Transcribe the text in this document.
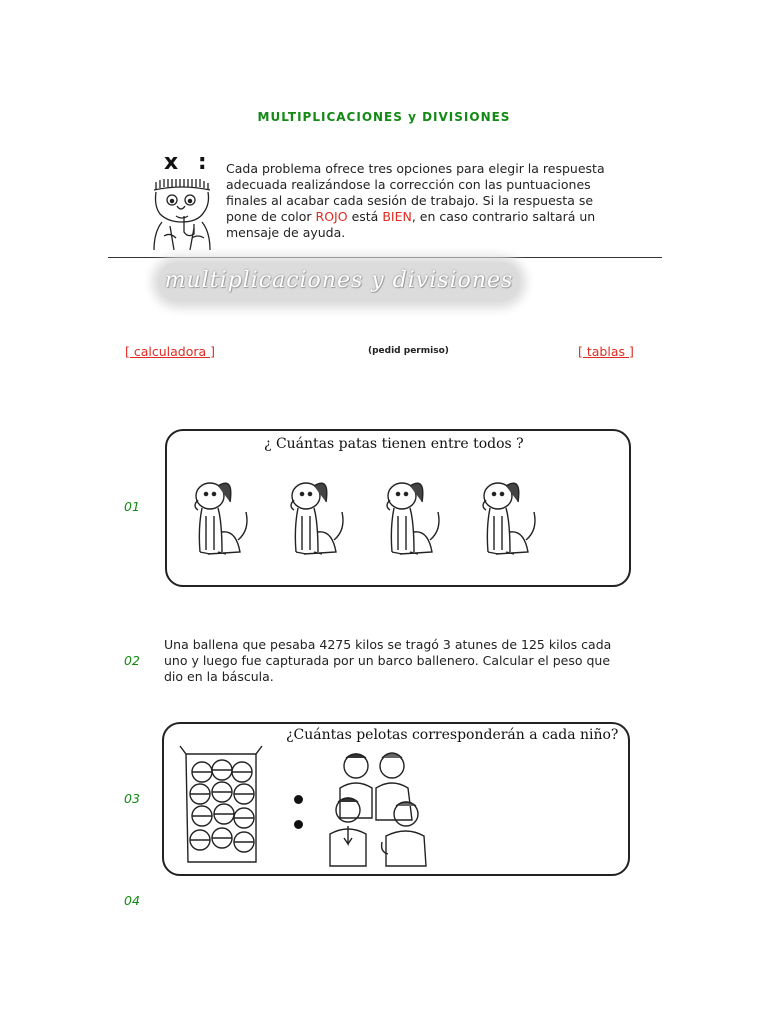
MULTIPLICACIONES y DIVISIONES
x : Cada problema ofrece tres opciones para elegir la respuesta adecuada realizándose la corrección con las puntuaciones finales al acabar cada sesión de trabajo. Si la respuesta se pone de color ROJO está BIEN, en caso contrario saltará un mensaje de ayuda.
multiplicaciones y divisiones
[ calculadora ]	(pedid permiso)	[ tablas ]
01
¿ Cuántas patas tienen entre todos ?
02
Una ballena que pesaba 4275 kilos se tragó 3 atunes de 125 kilos cada uno y luego fue capturada por un barco ballenero. Calcular el peso que dio en la báscula.
03
¿Cuántas pelotas corresponderán a cada niño?
04
